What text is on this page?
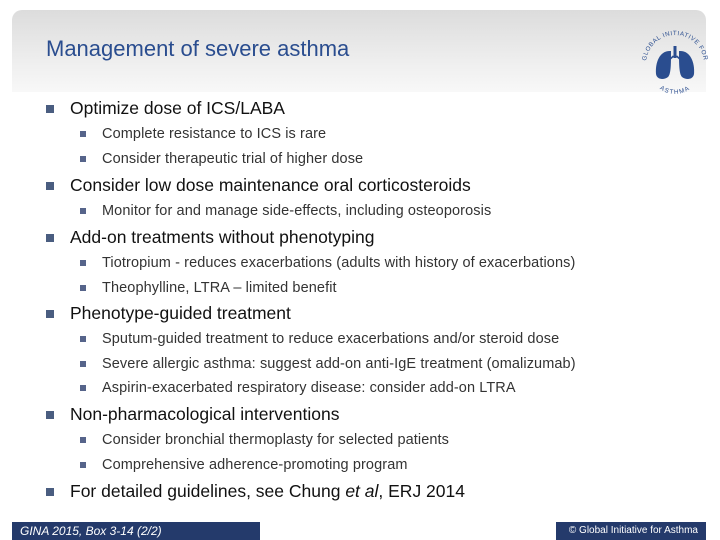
Management of severe asthma	GLOBAL INITIATIVE FOR
ASTHMA
Optimize dose of ICS/LABA
Complete resistance to ICS is rare
Consider therapeutic trial of higher dose
Consider low dose maintenance oral corticosteroids
Monitor for and manage side-effects, including osteoporosis
Add-on treatments without phenotyping
Tiotropium - reduces exacerbations (adults with history of exacerbations)
Theophylline, LTRA – limited benefit
Phenotype-guided treatment
Sputum-guided treatment to reduce exacerbations and/or steroid dose
Severe allergic asthma: suggest add-on anti-IgE treatment (omalizumab)
Aspirin-exacerbated respiratory disease: consider add-on LTRA
Non-pharmacological interventions
Consider bronchial thermoplasty for selected patients
Comprehensive adherence-promoting program
For detailed guidelines, see Chung et al, ERJ 2014
GINA 2015, Box 3-14 (2/2)	© Global Initiative for Asthma
